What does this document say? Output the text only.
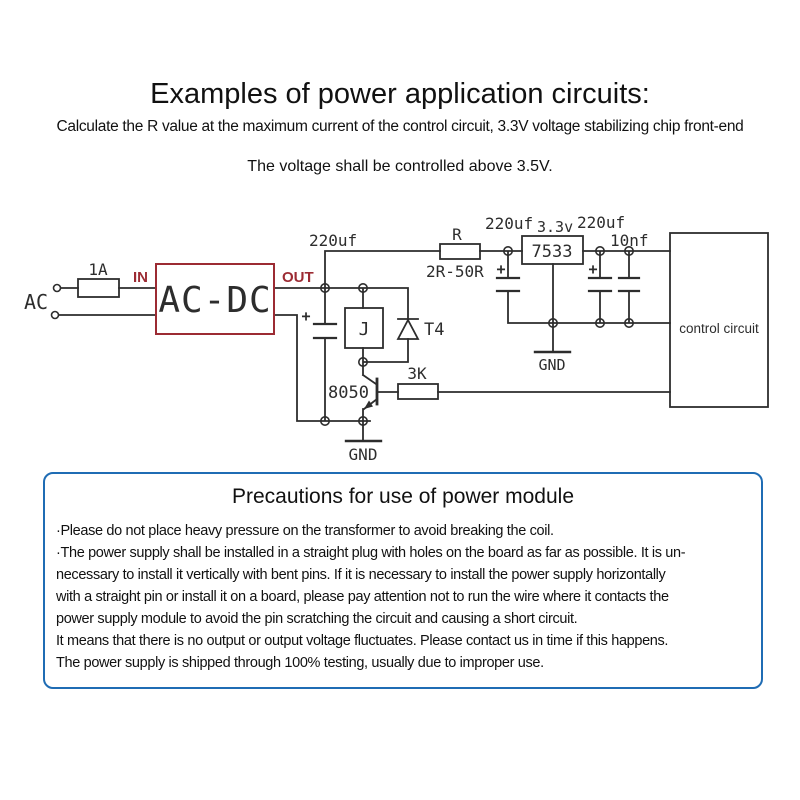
Examples of power application circuits:
Calculate the R value at the maximum current of the control circuit, 3.3V voltage stabilizing chip front-end
The voltage shall be controlled above 3.5V.
AC
1A IN	OUT
AC-DC
220uf
+
R
2R-50R
220uf
+
3.3v 220uf
+
10nf
7533
GND
control circuit
J	T4
8050
3K
GND
Precautions for use of power module
·Please do not place heavy pressure on the transformer to avoid breaking the coil.
·The power supply shall be installed in a straight plug with holes on the board as far as possible. It is un-
necessary to install it vertically with bent pins. If it is necessary to install the power supply horizontally
with a straight pin or install it on a board, please pay attention not to run the wire where it contacts the
power supply module to avoid the pin scratching the circuit and causing a short circuit.
It means that there is no output or output voltage fluctuates. Please contact us in time if this happens.
The power supply is shipped through 100% testing, usually due to improper use.
